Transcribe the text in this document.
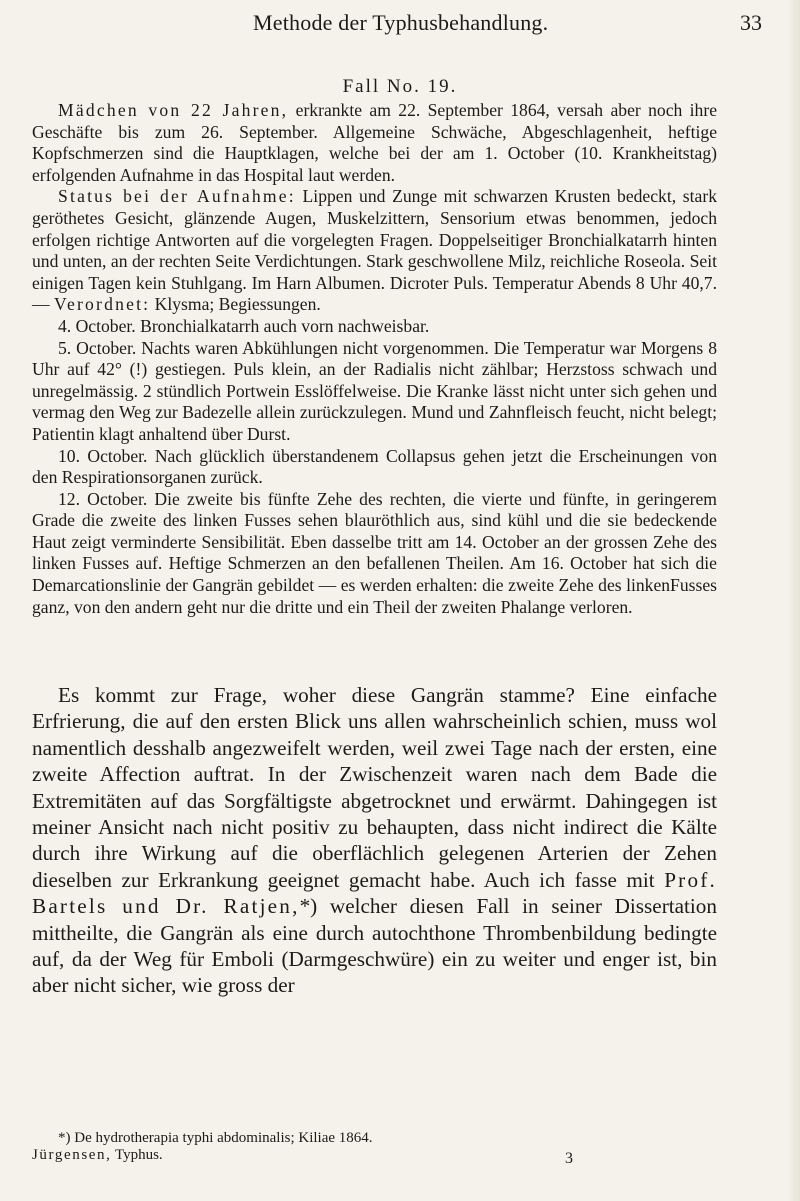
Methode der Typhusbehandlung.	33
Fall No. 19.

Mädchen von 22 Jahren, erkrankte am 22. September 1864, versah aber noch ihre Geschäfte bis zum 26. September. Allgemeine Schwäche, Abgeschlagenheit, heftige Kopfschmerzen sind die Hauptklagen, welche bei der am 1. October (10. Krankheitstag) erfolgenden Aufnahme in das Hospital laut werden.

Status bei der Aufnahme: Lippen und Zunge mit schwarzen Krusten bedeckt, stark geröthetes Gesicht, glänzende Augen, Muskelzittern, Sensorium etwas benommen, jedoch erfolgen richtige Antworten auf die vorgelegten Fragen. Doppelseitiger Bronchialkatarrh hinten und unten, an der rechten Seite Verdichtungen. Stark geschwollene Milz, reichliche Roseola. Seit einigen Tagen kein Stuhlgang. Im Harn Albumen. Dicroter Puls. Temperatur Abends 8 Uhr 40,7. — Verordnet: Klysma; Begiessungen.

4. October. Bronchialkatarrh auch vorn nachweisbar.

5. October. Nachts waren Abkühlungen nicht vorgenommen. Die Temperatur war Morgens 8 Uhr auf 42° (!) gestiegen. Puls klein, an der Radialis nicht zählbar; Herzstoss schwach und unregelmässig. 2 stündlich Portwein Esslöffelweise. Die Kranke lässt nicht unter sich gehen und vermag den Weg zur Badezelle allein zurückzulegen. Mund und Zahnfleisch feucht, nicht belegt; Patientin klagt anhaltend über Durst.

10. October. Nach glücklich überstandenem Collapsus gehen jetzt die Erscheinungen von den Respirationsorganen zurück.

12. October. Die zweite bis fünfte Zehe des rechten, die vierte und fünfte, in geringerem Grade die zweite des linken Fusses sehen blauröthlich aus, sind kühl und die sie bedeckende Haut zeigt verminderte Sensibilität. Eben dasselbe tritt am 14. October an der grossen Zehe des linken Fusses auf. Heftige Schmerzen an den befallenen Theilen. Am 16. October hat sich die Demarcationslinie der Gangrän gebildet — es werden erhalten: die zweite Zehe des linkenFusses ganz, von den andern geht nur die dritte und ein Theil der zweiten Phalange verloren.

Es kommt zur Frage, woher diese Gangrän stamme? Eine einfache Erfrierung, die auf den ersten Blick uns allen wahrscheinlich schien, muss wol namentlich desshalb angezweifelt werden, weil zwei Tage nach der ersten, eine zweite Affection auftrat. In der Zwischenzeit waren nach dem Bade die Extremitäten auf das Sorgfältigste abgetrocknet und erwärmt. Dahingegen ist meiner Ansicht nach nicht positiv zu behaupten, dass nicht indirect die Kälte durch ihre Wirkung auf die oberflächlich gelegenen Arterien der Zehen dieselben zur Erkrankung geeignet gemacht habe. Auch ich fasse mit Prof. Bartels und Dr. Ratjen,*) welcher diesen Fall in seiner Dissertation mittheilte, die Gangrän als eine durch autochthone Thrombenbildung bedingte auf, da der Weg für Emboli (Darmgeschwüre) ein zu weiter und enger ist, bin aber nicht sicher, wie gross der

*) De hydrotherapia typhi abdominalis; Kiliae 1864.

Jürgensen, Typhus.	3
